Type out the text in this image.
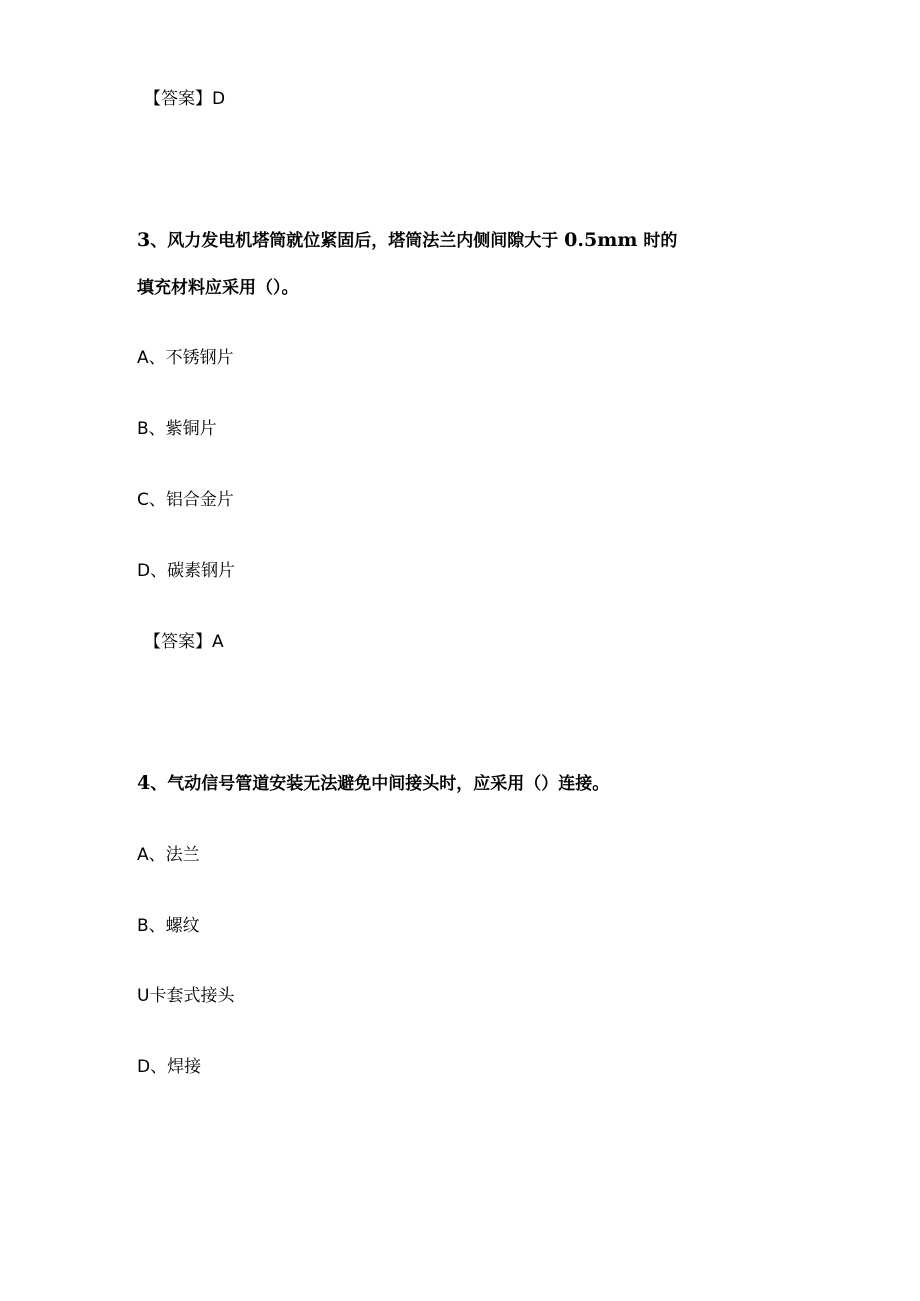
【答案】D
3、风力发电机塔筒就位紧固后，塔筒法兰内侧间隙大于 0.5mm 时的
填充材料应采用（）。
A、不锈钢片
B、紫铜片
C、铝合金片
D、碳素钢片
【答案】A
4、气动信号管道安装无法避免中间接头时，应采用（）连接。
A、法兰
B、螺纹
U卡套式接头
D、焊接
